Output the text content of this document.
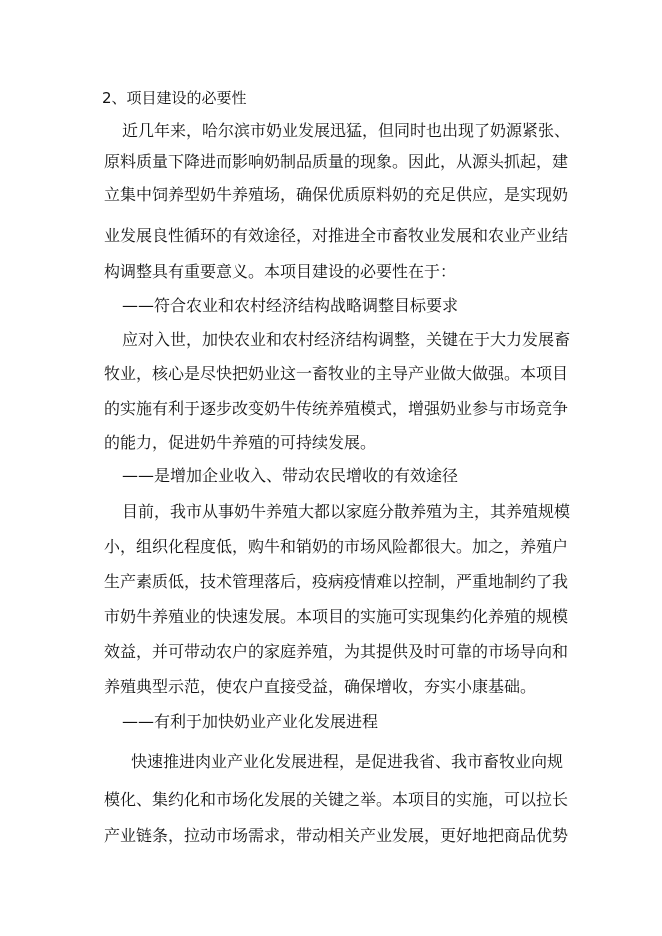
2、项目建设的必要性
近几年来，哈尔滨市奶业发展迅猛，但同时也出现了奶源紧张、
原料质量下降进而影响奶制品质量的现象。因此，从源头抓起，建
立集中饲养型奶牛养殖场，确保优质原料奶的充足供应，是实现奶
业发展良性循环的有效途径，对推进全市畜牧业发展和农业产业结
构调整具有重要意义。本项目建设的必要性在于：
——符合农业和农村经济结构战略调整目标要求
应对入世，加快农业和农村经济结构调整，关键在于大力发展畜
牧业，核心是尽快把奶业这一畜牧业的主导产业做大做强。本项目
的实施有利于逐步改变奶牛传统养殖模式，增强奶业参与市场竞争
的能力，促进奶牛养殖的可持续发展。
——是增加企业收入、带动农民增收的有效途径
目前，我市从事奶牛养殖大都以家庭分散养殖为主，其养殖规模
小，组织化程度低，购牛和销奶的市场风险都很大。加之，养殖户
生产素质低，技术管理落后，疫病疫情难以控制，严重地制约了我
市奶牛养殖业的快速发展。本项目的实施可实现集约化养殖的规模
效益，并可带动农户的家庭养殖，为其提供及时可靠的市场导向和
养殖典型示范，使农户直接受益，确保增收，夯实小康基础。
——有利于加快奶业产业化发展进程
快速推进肉业产业化发展进程，是促进我省、我市畜牧业向规
模化、集约化和市场化发展的关键之举。本项目的实施，可以拉长
产业链条，拉动市场需求，带动相关产业发展，更好地把商品优势
